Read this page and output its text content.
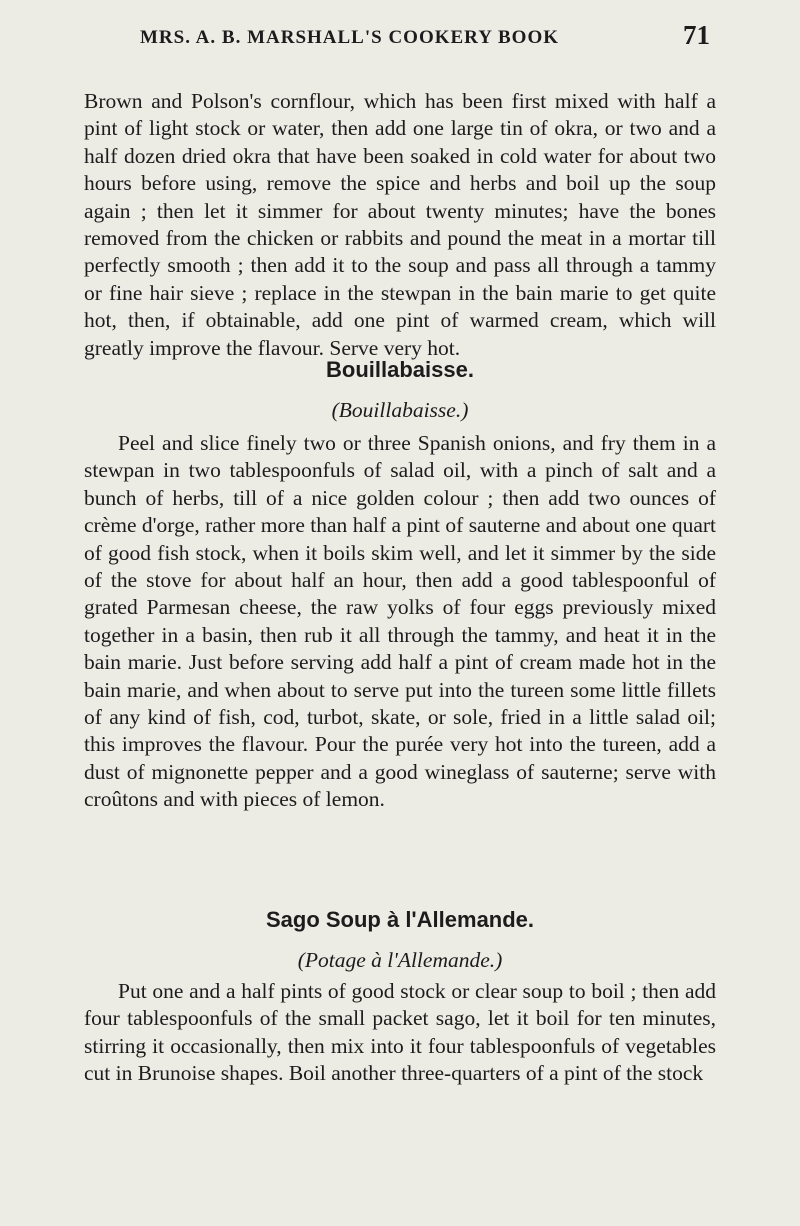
MRS. A. B. MARSHALL'S COOKERY BOOK	71

Brown and Polson's cornflour, which has been first mixed with half a pint of light stock or water, then add one large tin of okra, or two and a half dozen dried okra that have been soaked in cold water for about two hours before using, remove the spice and herbs and boil up the soup again ; then let it simmer for about twenty minutes; have the bones removed from the chicken or rabbits and pound the meat in a mortar till perfectly smooth ; then add it to the soup and pass all through a tammy or fine hair sieve ; replace in the stewpan in the bain marie to get quite hot, then, if obtainable, add one pint of warmed cream, which will greatly improve the flavour. Serve very hot.

Bouillabaisse.

(Bouillabaisse.)

Peel and slice finely two or three Spanish onions, and fry them in a stewpan in two tablespoonfuls of salad oil, with a pinch of salt and a bunch of herbs, till of a nice golden colour ; then add two ounces of crème d'orge, rather more than half a pint of sauterne and about one quart of good fish stock, when it boils skim well, and let it simmer by the side of the stove for about half an hour, then add a good tablespoonful of grated Parmesan cheese, the raw yolks of four eggs previously mixed together in a basin, then rub it all through the tammy, and heat it in the bain marie. Just before serving add half a pint of cream made hot in the bain marie, and when about to serve put into the tureen some little fillets of any kind of fish, cod, turbot, skate, or sole, fried in a little salad oil; this improves the flavour. Pour the purée very hot into the tureen, add a dust of mignonette pepper and a good wineglass of sauterne; serve with croûtons and with pieces of lemon.

Sago Soup à l'Allemande.

(Potage à l'Allemande.)

Put one and a half pints of good stock or clear soup to boil ; then add four tablespoonfuls of the small packet sago, let it boil for ten minutes, stirring it occasionally, then mix into it four tablespoonfuls of vegetables cut in Brunoise shapes. Boil another three-quarters of a pint of the stock
